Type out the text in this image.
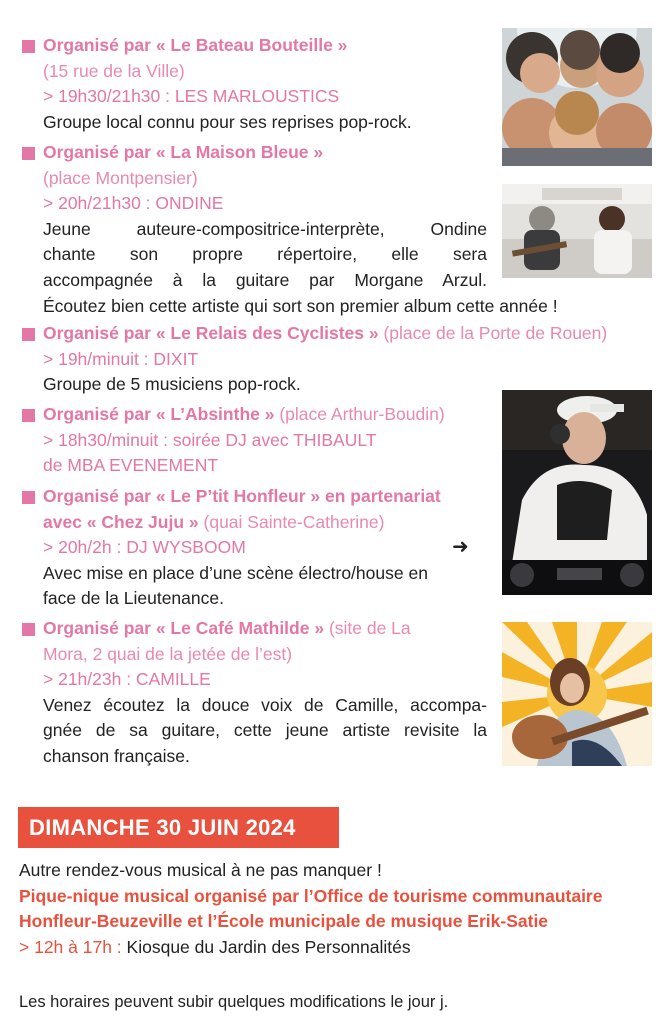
Organisé par « Le Bateau Bouteille »
(15 rue de la Ville)
> 19h30/21h30 : LES MARLOUSTICS
Groupe local connu pour ses reprises pop-rock.
Organisé par « La Maison Bleue »
(place Montpensier)
> 20h/21h30 : ONDINE
Jeune auteure-compositrice-interprète, Ondine
chante son propre répertoire, elle sera
accompagnée à la guitare par Morgane Arzul.
Écoutez bien cette artiste qui sort son premier album cette année !
Organisé par « Le Relais des Cyclistes » (place de la Porte de Rouen)
> 19h/minuit : DIXIT
Groupe de 5 musiciens pop-rock.
Organisé par « L’Absinthe » (place Arthur-Boudin)
> 18h30/minuit : soirée DJ avec THIBAULT
de MBA EVENEMENT
Organisé par « Le P’tit Honfleur » en partenariat
avec « Chez Juju » (quai Sainte-Catherine)
> 20h/2h : DJ WYSBOOM	➜
Avec mise en place d’une scène électro/house en
face de la Lieutenance.
Organisé par « Le Café Mathilde » (site de La
Mora, 2 quai de la jetée de l’est)
> 21h/23h : CAMILLE
Venez écoutez la douce voix de Camille, accompa-
gnée de sa guitare, cette jeune artiste revisite la
chanson française.
DIMANCHE 30 JUIN 2024
Autre rendez-vous musical à ne pas manquer !
Pique-nique musical organisé par l’Office de tourisme communautaire
Honfleur-Beuzeville et l’École municipale de musique Erik-Satie
> 12h à 17h : Kiosque du Jardin des Personnalités
Les horaires peuvent subir quelques modifications le jour j.
